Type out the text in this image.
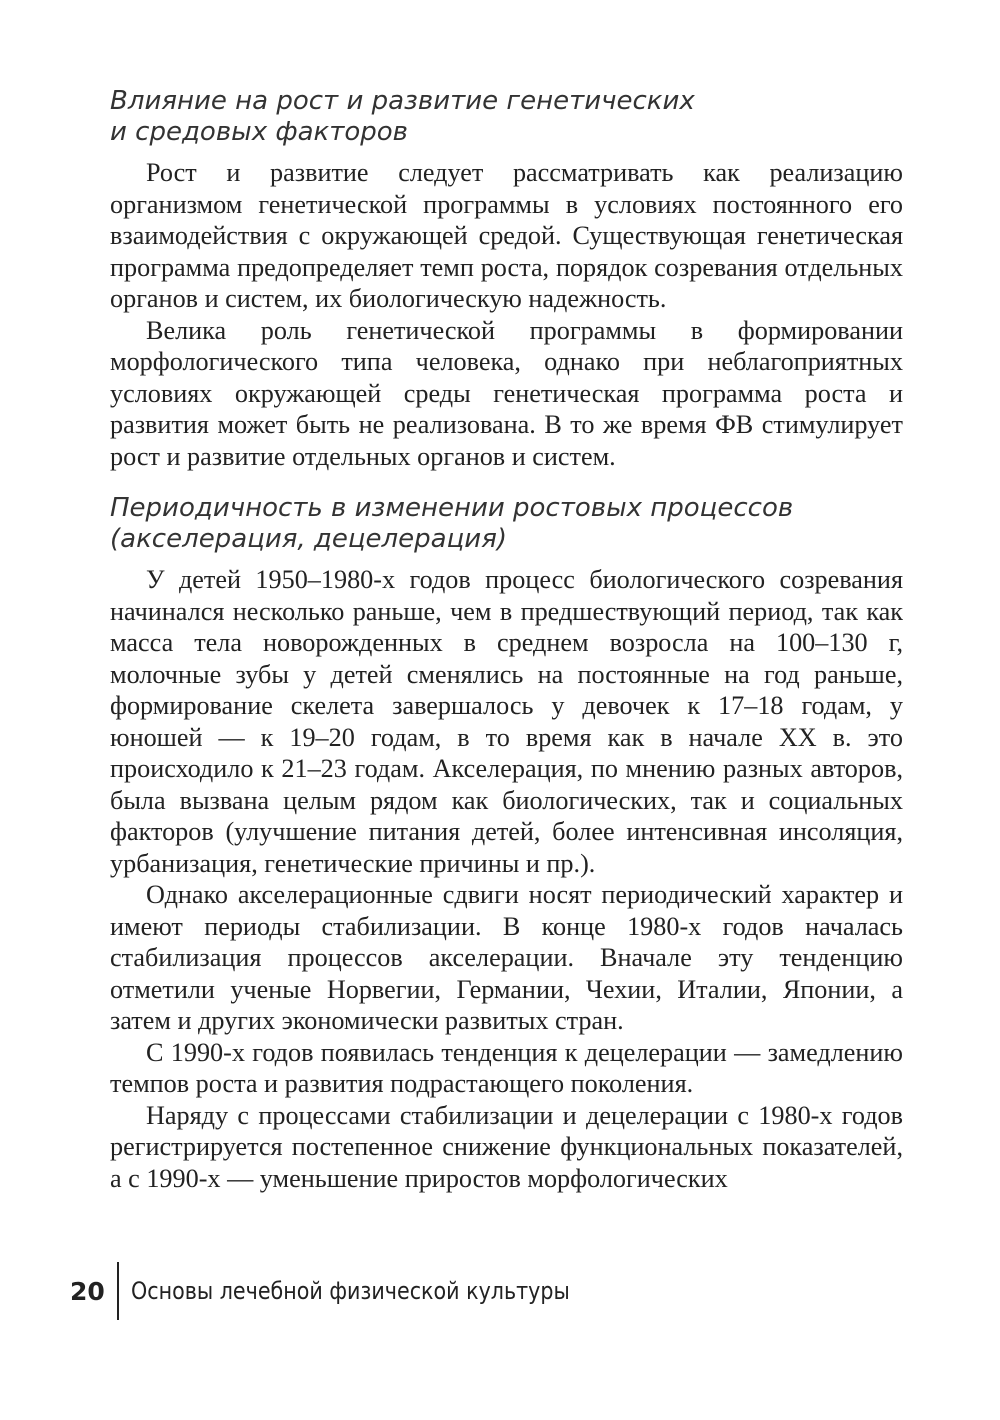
Влияние на рост и развитие генетических
и средовых факторов

Рост и развитие следует рассматривать как реализацию организмом генетической программы в условиях постоянного его взаимодействия с окружающей средой. Существующая генетическая программа предопределяет темп роста, порядок созревания отдельных органов и систем, их биологическую надежность.

Велика роль генетической программы в формировании морфологического типа человека, однако при неблагоприятных условиях окружающей среды генетическая программа роста и развития может быть не реализована. В то же время ФВ стимулирует рост и развитие отдельных органов и систем.

Периодичность в изменении ростовых процессов
(акселерация, децелерация)

У детей 1950–1980-х годов процесс биологического созревания начинался несколько раньше, чем в предшествующий период, так как масса тела новорожденных в среднем возросла на 100–130 г, молочные зубы у детей сменялись на постоянные на год раньше, формирование скелета завершалось у девочек к 17–18 годам, у юношей — к 19–20 годам, в то время как в начале XX в. это происходило к 21–23 годам. Акселерация, по мнению разных авторов, была вызвана целым рядом как биологических, так и социальных факторов (улучшение питания детей, более интенсивная инсоляция, урбанизация, генетические причины и пр.).

Однако акселерационные сдвиги носят периодический характер и имеют периоды стабилизации. В конце 1980-х годов началась стабилизация процессов акселерации. Вначале эту тенденцию отметили ученые Норвегии, Германии, Чехии, Италии, Японии, а затем и других экономически развитых стран.

С 1990-х годов появилась тенденция к децелерации — замедлению темпов роста и развития подрастающего поколения.

Наряду с процессами стабилизации и децелерации с 1980-х годов регистрируется постепенное снижение функциональных показателей, а с 1990-х — уменьшение приростов морфологических

20 Основы лечебной физической культуры
